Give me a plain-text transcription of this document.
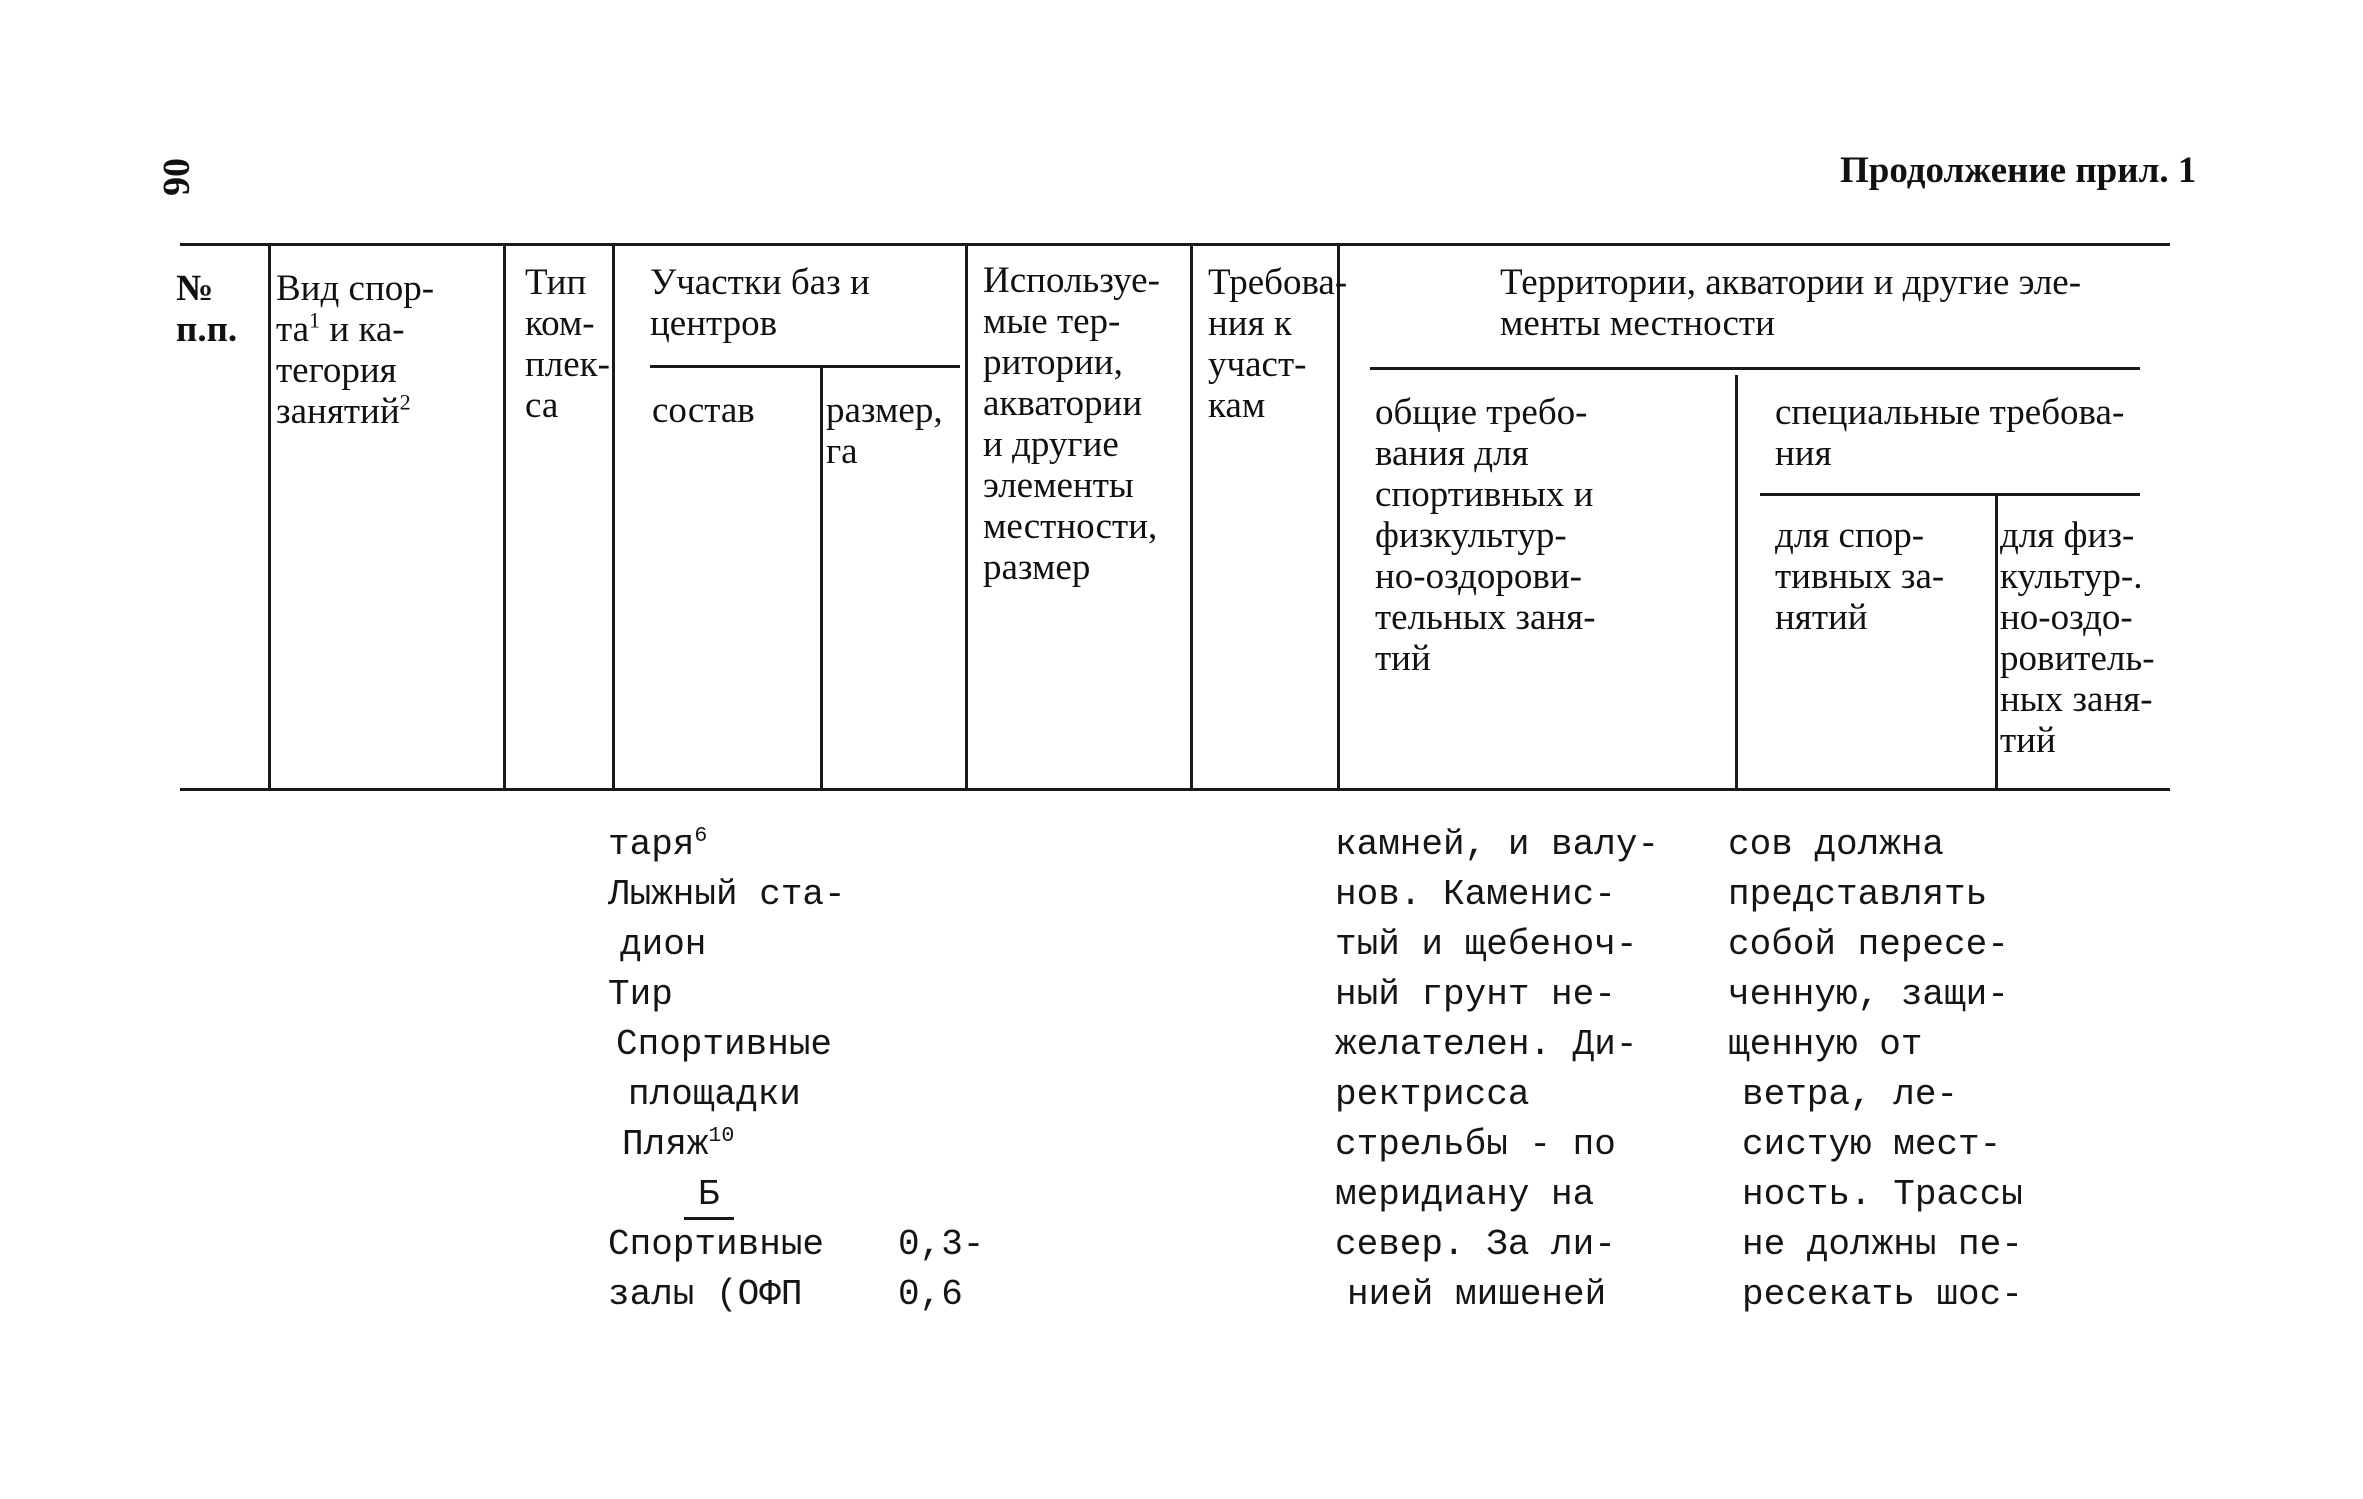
06	Продолжение прил. 1
№
п.п.
Вид спор-
$та^1$ и ка-
тегория
занятий$^2$
Тип
ком-
плек-
са
Участки баз и
центров
состав размер,
га
Используе-
мые тер-
ритории,
акватории
и другие
элементы
местности,
размер
Требова-
ния к
участ-
кам
Территории, акватории и другие эле-
менты местности
общие требо-
вания для
спортивных и
физкультур-
но-оздорови-
тельных заня-
тий
специальные требова-
ния
для спор-
тивных за-
нятий
для физ-
культур-.
но-оздо-
ровитель-
ных заня-
тий
таря$^6$
Лыжный ста-
дион
Тир
Спортивные
площадки
Пляж$^{10}$
Б
Спортивные
залы (ОФП
0,3-
0,6
камней, и валу-
нов. Каменис-
тый и щебеноч-
ный грунт не-
желателен. Ди-
ректрисса
стрельбы - по
меридиану на
север. За ли-
нией мишеней
сов должна
представлять
собой пересе-
ченную, защи-
щенную от
ветра, ле-
систую мест-
ность. Трассы
не должны пе-
ресекать шос-
